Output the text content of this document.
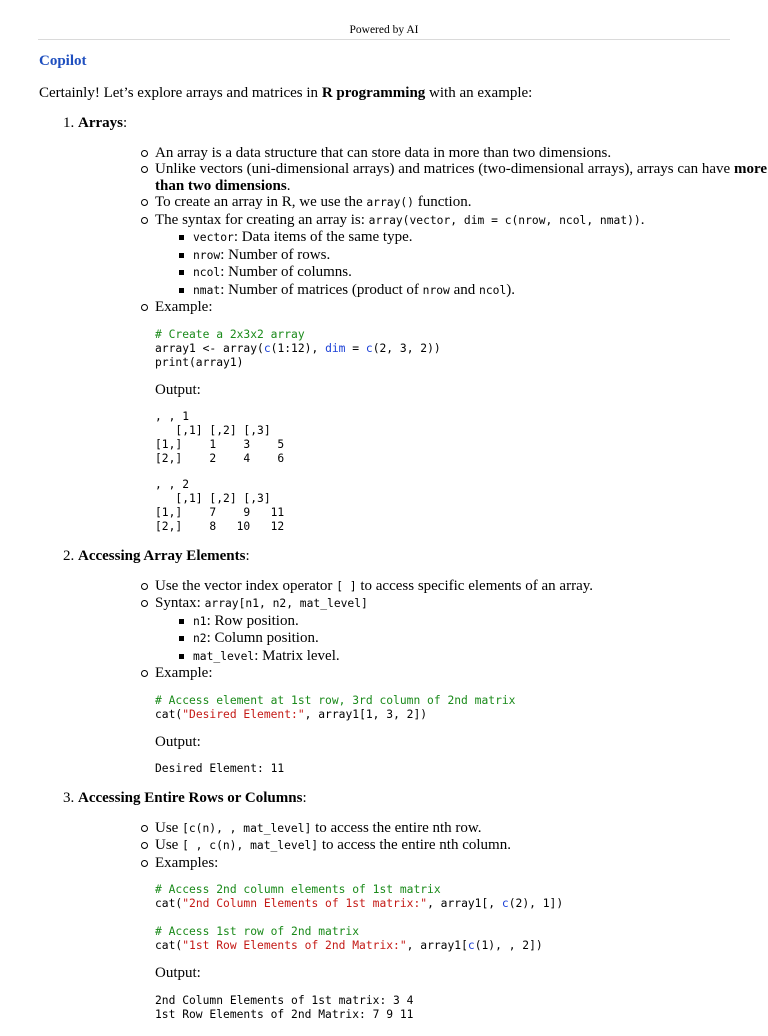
Powered by AI
Copilot
Certainly! Let’s explore arrays and matrices in R programming with an example:
1. Arrays:
An array is a data structure that can store data in more than two dimensions.
Unlike vectors (uni-dimensional arrays) and matrices (two-dimensional arrays), arrays can have more than two dimensions.
To create an array in R, we use the array() function.
The syntax for creating an array is: array(vector, dim = c(nrow, ncol, nmat)).
vector: Data items of the same type.
nrow: Number of rows.
ncol: Number of columns.
nmat: Number of matrices (product of nrow and ncol).
Example:
# Create a 2x3x2 array
array1 <- array(c(1:12), dim = c(2, 3, 2))
print(array1)
Output:
, , 1
[,1] [,2] [,3]
[1,]    1    3    5
[2,]    2    4    6
, , 2
[,1] [,2] [,3]
[1,]    7    9   11
[2,]    8   10   12
2. Accessing Array Elements:
Use the vector index operator [ ] to access specific elements of an array.
Syntax: array[n1, n2, mat_level]
n1: Row position.
n2: Column position.
mat_level: Matrix level.
Example:
# Access element at 1st row, 3rd column of 2nd matrix
cat("Desired Element:", array1[1, 3, 2])
Output:
Desired Element: 11
3. Accessing Entire Rows or Columns:
Use [c(n), , mat_level] to access the entire nth row.
Use [ , c(n), mat_level] to access the entire nth column.
Examples:
# Access 2nd column elements of 1st matrix
cat("2nd Column Elements of 1st matrix:", array1[, c(2), 1])

# Access 1st row of 2nd matrix
cat("1st Row Elements of 2nd Matrix:", array1[c(1), , 2])
Output:
2nd Column Elements of 1st matrix: 3 4
1st Row Elements of 2nd Matrix: 7 9 11
